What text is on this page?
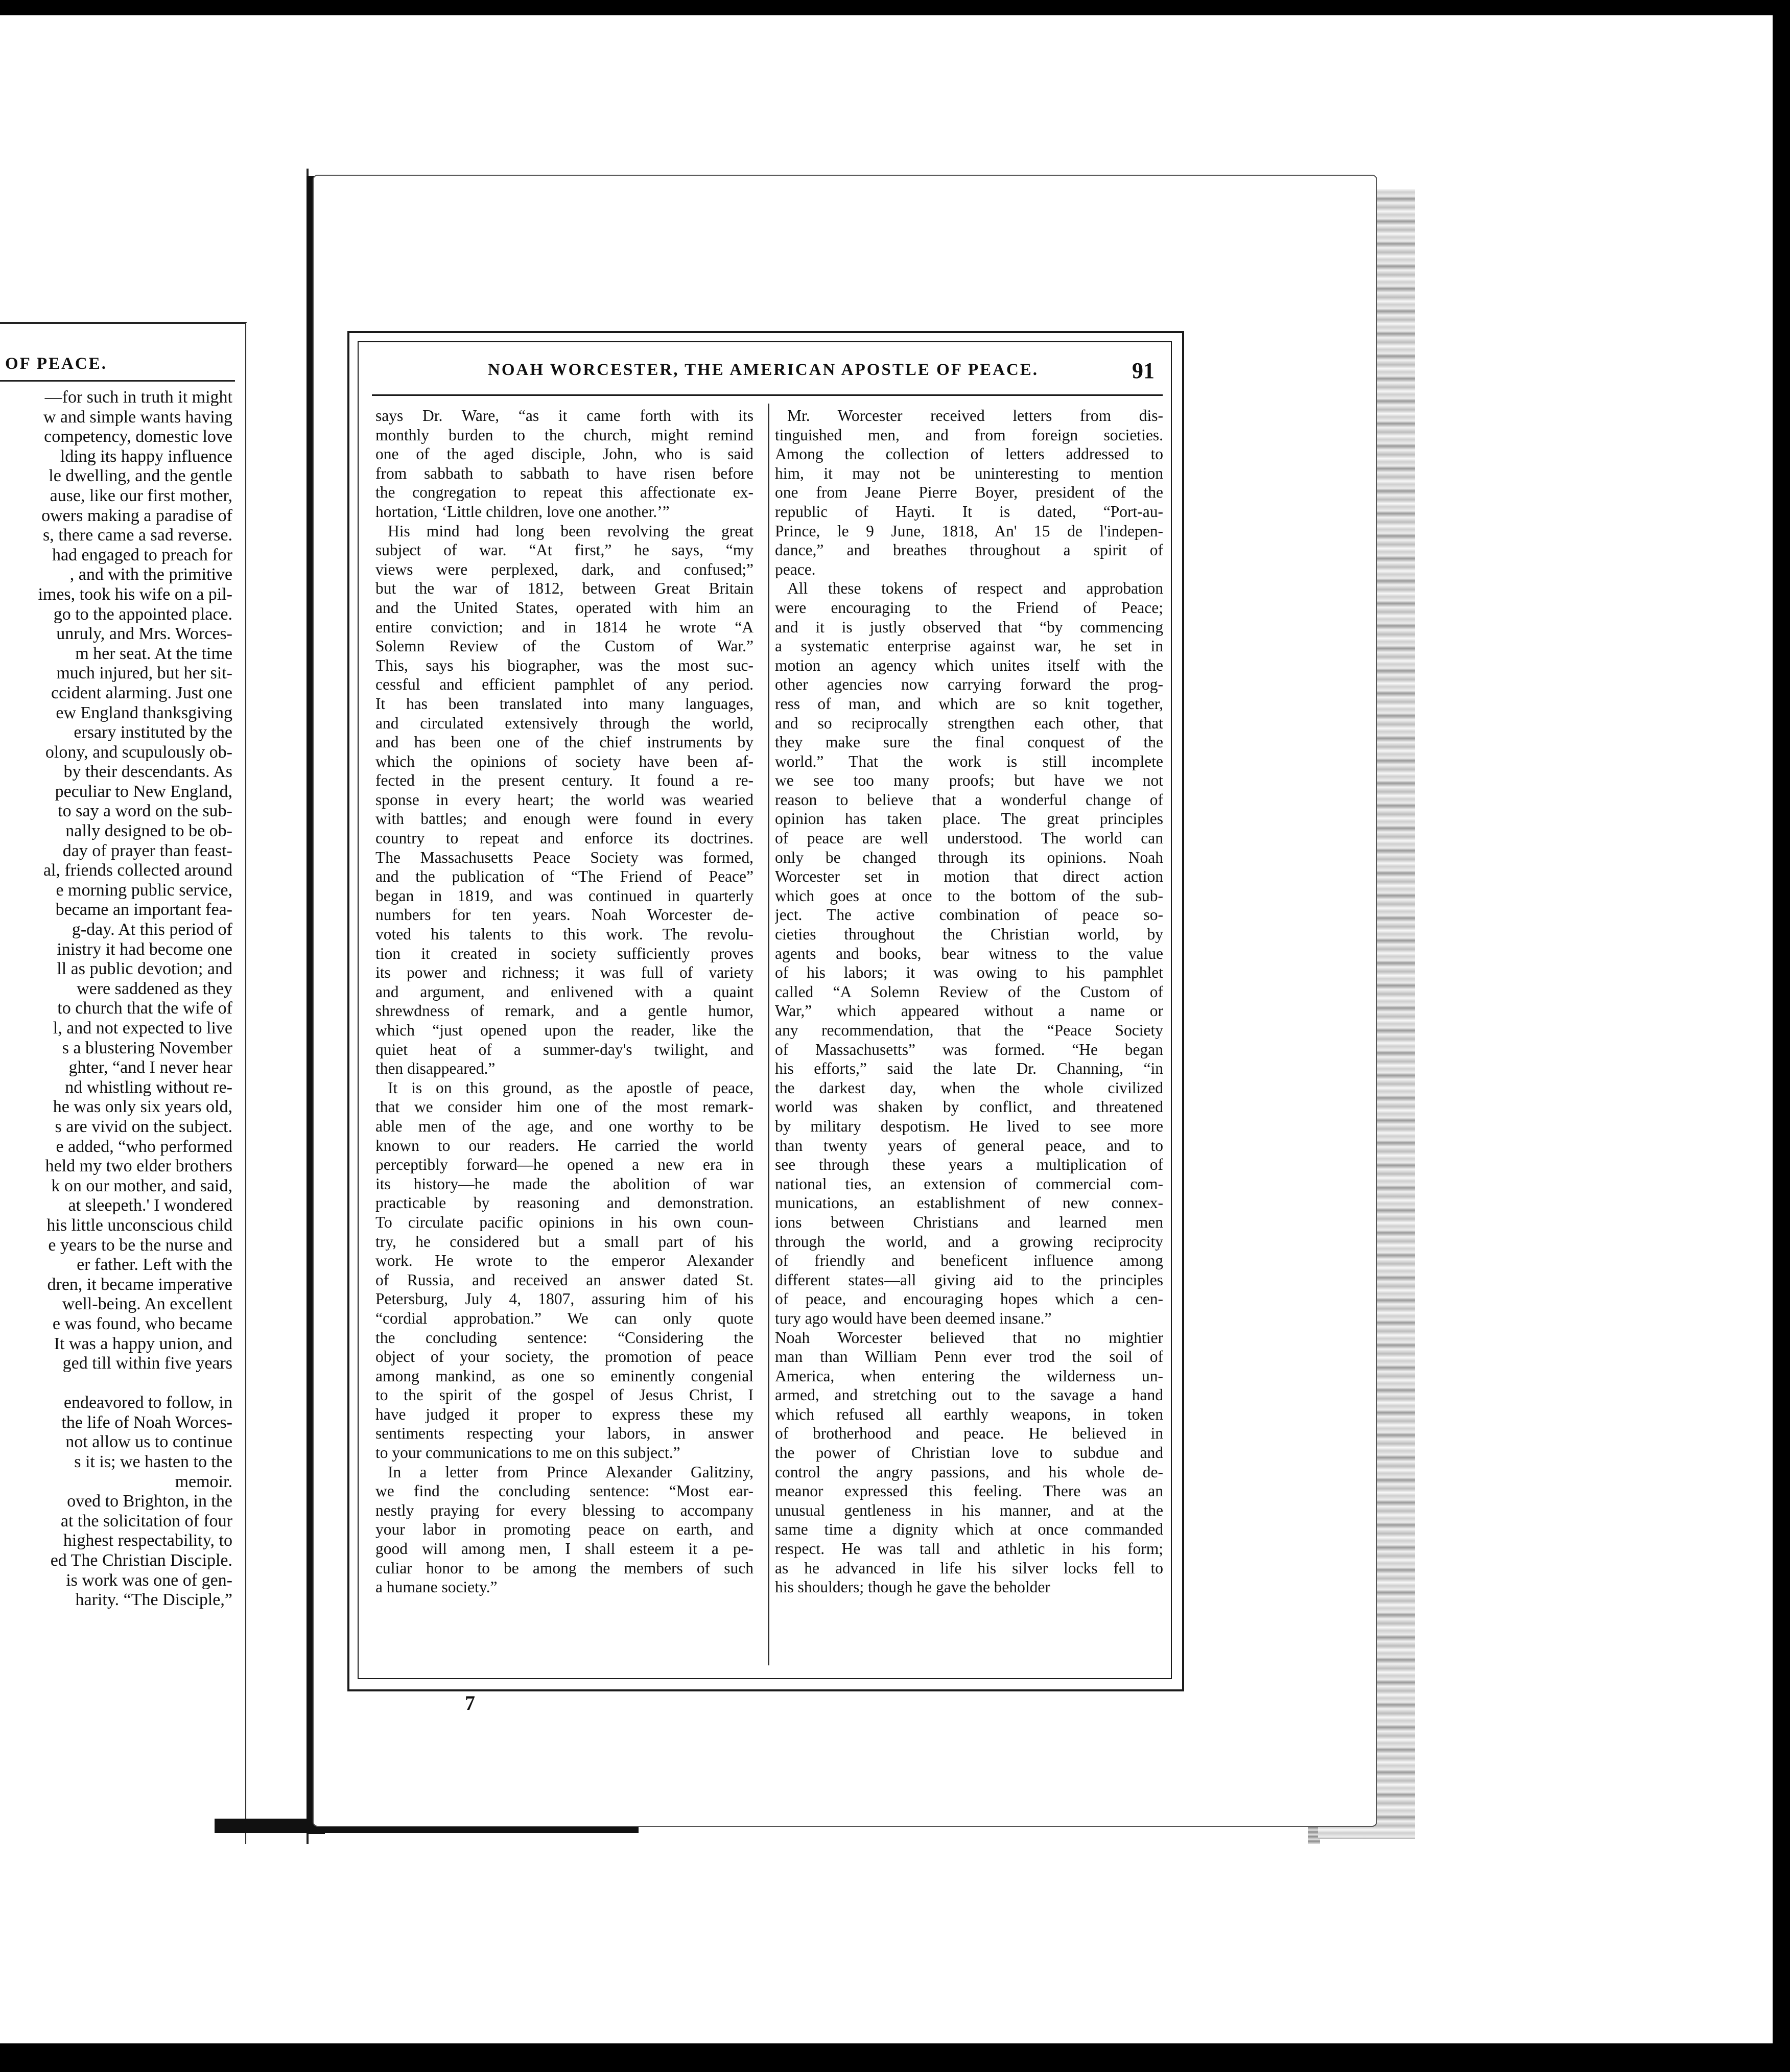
OF PEACE.
—for such in truth it might
w and simple wants having
competency, domestic love
lding its happy influence
le dwelling, and the gentle
ause, like our first mother,
owers making a paradise of
s, there came a sad reverse.
had engaged to preach for
, and with the primitive
imes, took his wife on a pil-
go to the appointed place.
unruly, and Mrs. Worces-
m her seat. At the time
much injured, but her sit-
ccident alarming. Just one
ew England thanksgiving
ersary instituted by the
olony, and scupulously ob-
by their descendants. As
peculiar to New England,
to say a word on the sub-
nally designed to be ob-
day of prayer than feast-
al, friends collected around
e morning public service,
became an important fea-
g-day. At this period of
inistry it had become one
ll as public devotion; and
were saddened as they
to church that the wife of
l, and not expected to live
s a blustering November
ghter, “and I never hear
nd whistling without re-
he was only six years old,
s are vivid on the subject.
e added, “who performed
held my two elder brothers
k on our mother, and said,
at sleepeth.' I wondered
his little unconscious child
e years to be the nurse and
er father. Left with the
dren, it became imperative
well-being. An excellent
e was found, who became
It was a happy union, and
ged till within five years
endeavored to follow, in
the life of Noah Worces-
not allow us to continue
s it is; we hasten to the
memoir.
oved to Brighton, in the
at the solicitation of four
highest respectability, to
ed The Christian Disciple.
is work was one of gen-
harity. “The Disciple,”
NOAH WORCESTER, THE AMERICAN APOSTLE OF PEACE.	91
says Dr. Ware, “as it came forth with its
monthly burden to the church, might remind
one of the aged disciple, John, who is said
from sabbath to sabbath to have risen before
the congregation to repeat this affectionate ex-
hortation, ‘Little children, love one another.’”
His mind had long been revolving the great
subject of war. “At first,” he says, “my
views were perplexed, dark, and confused;”
but the war of 1812, between Great Britain
and the United States, operated with him an
entire conviction; and in 1814 he wrote “A
Solemn Review of the Custom of War.”
This, says his biographer, was the most suc-
cessful and efficient pamphlet of any period.
It has been translated into many languages,
and circulated extensively through the world,
and has been one of the chief instruments by
which the opinions of society have been af-
fected in the present century. It found a re-
sponse in every heart; the world was wearied
with battles; and enough were found in every
country to repeat and enforce its doctrines.
The Massachusetts Peace Society was formed,
and the publication of “The Friend of Peace”
began in 1819, and was continued in quarterly
numbers for ten years. Noah Worcester de-
voted his talents to this work. The revolu-
tion it created in society sufficiently proves
its power and richness; it was full of variety
and argument, and enlivened with a quaint
shrewdness of remark, and a gentle humor,
which “just opened upon the reader, like the
quiet heat of a summer-day's twilight, and
then disappeared.”
It is on this ground, as the apostle of peace,
that we consider him one of the most remark-
able men of the age, and one worthy to be
known to our readers. He carried the world
perceptibly forward—he opened a new era in
its history—he made the abolition of war
practicable by reasoning and demonstration.
To circulate pacific opinions in his own coun-
try, he considered but a small part of his
work. He wrote to the emperor Alexander
of Russia, and received an answer dated St.
Petersburg, July 4, 1807, assuring him of his
“cordial approbation.” We can only quote
the concluding sentence: “Considering the
object of your society, the promotion of peace
among mankind, as one so eminently congenial
to the spirit of the gospel of Jesus Christ, I
have judged it proper to express these my
sentiments respecting your labors, in answer
to your communications to me on this subject.”
In a letter from Prince Alexander Galitziny,
we find the concluding sentence: “Most ear-
nestly praying for every blessing to accompany
your labor in promoting peace on earth, and
good will among men, I shall esteem it a pe-
culiar honor to be among the members of such
a humane society.”
Mr. Worcester received letters from dis-
tinguished men, and from foreign societies.
Among the collection of letters addressed to
him, it may not be uninteresting to mention
one from Jeane Pierre Boyer, president of the
republic of Hayti. It is dated, “Port-au-
Prince, le 9 June, 1818, An' 15 de l'indepen-
dance,” and breathes throughout a spirit of
peace.
All these tokens of respect and approbation
were encouraging to the Friend of Peace;
and it is justly observed that “by commencing
a systematic enterprise against war, he set in
motion an agency which unites itself with the
other agencies now carrying forward the prog-
ress of man, and which are so knit together,
and so reciprocally strengthen each other, that
they make sure the final conquest of the
world.” That the work is still incomplete
we see too many proofs; but have we not
reason to believe that a wonderful change of
opinion has taken place. The great principles
of peace are well understood. The world can
only be changed through its opinions. Noah
Worcester set in motion that direct action
which goes at once to the bottom of the sub-
ject. The active combination of peace so-
cieties throughout the Christian world, by
agents and books, bear witness to the value
of his labors; it was owing to his pamphlet
called “A Solemn Review of the Custom of
War,” which appeared without a name or
any recommendation, that the “Peace Society
of Massachusetts” was formed. “He began
his efforts,” said the late Dr. Channing, “in
the darkest day, when the whole civilized
world was shaken by conflict, and threatened
by military despotism. He lived to see more
than twenty years of general peace, and to
see through these years a multiplication of
national ties, an extension of commercial com-
munications, an establishment of new connex-
ions between Christians and learned men
through the world, and a growing reciprocity
of friendly and beneficent influence among
different states—all giving aid to the principles
of peace, and encouraging hopes which a cen-
tury ago would have been deemed insane.”
Noah Worcester believed that no mightier
man than William Penn ever trod the soil of
America, when entering the wilderness un-
armed, and stretching out to the savage a hand
which refused all earthly weapons, in token
of brotherhood and peace. He believed in
the power of Christian love to subdue and
control the angry passions, and his whole de-
meanor expressed this feeling. There was an
unusual gentleness in his manner, and at the
same time a dignity which at once commanded
respect. He was tall and athletic in his form;
as he advanced in life his silver locks fell to
his shoulders; though he gave the beholder
7
